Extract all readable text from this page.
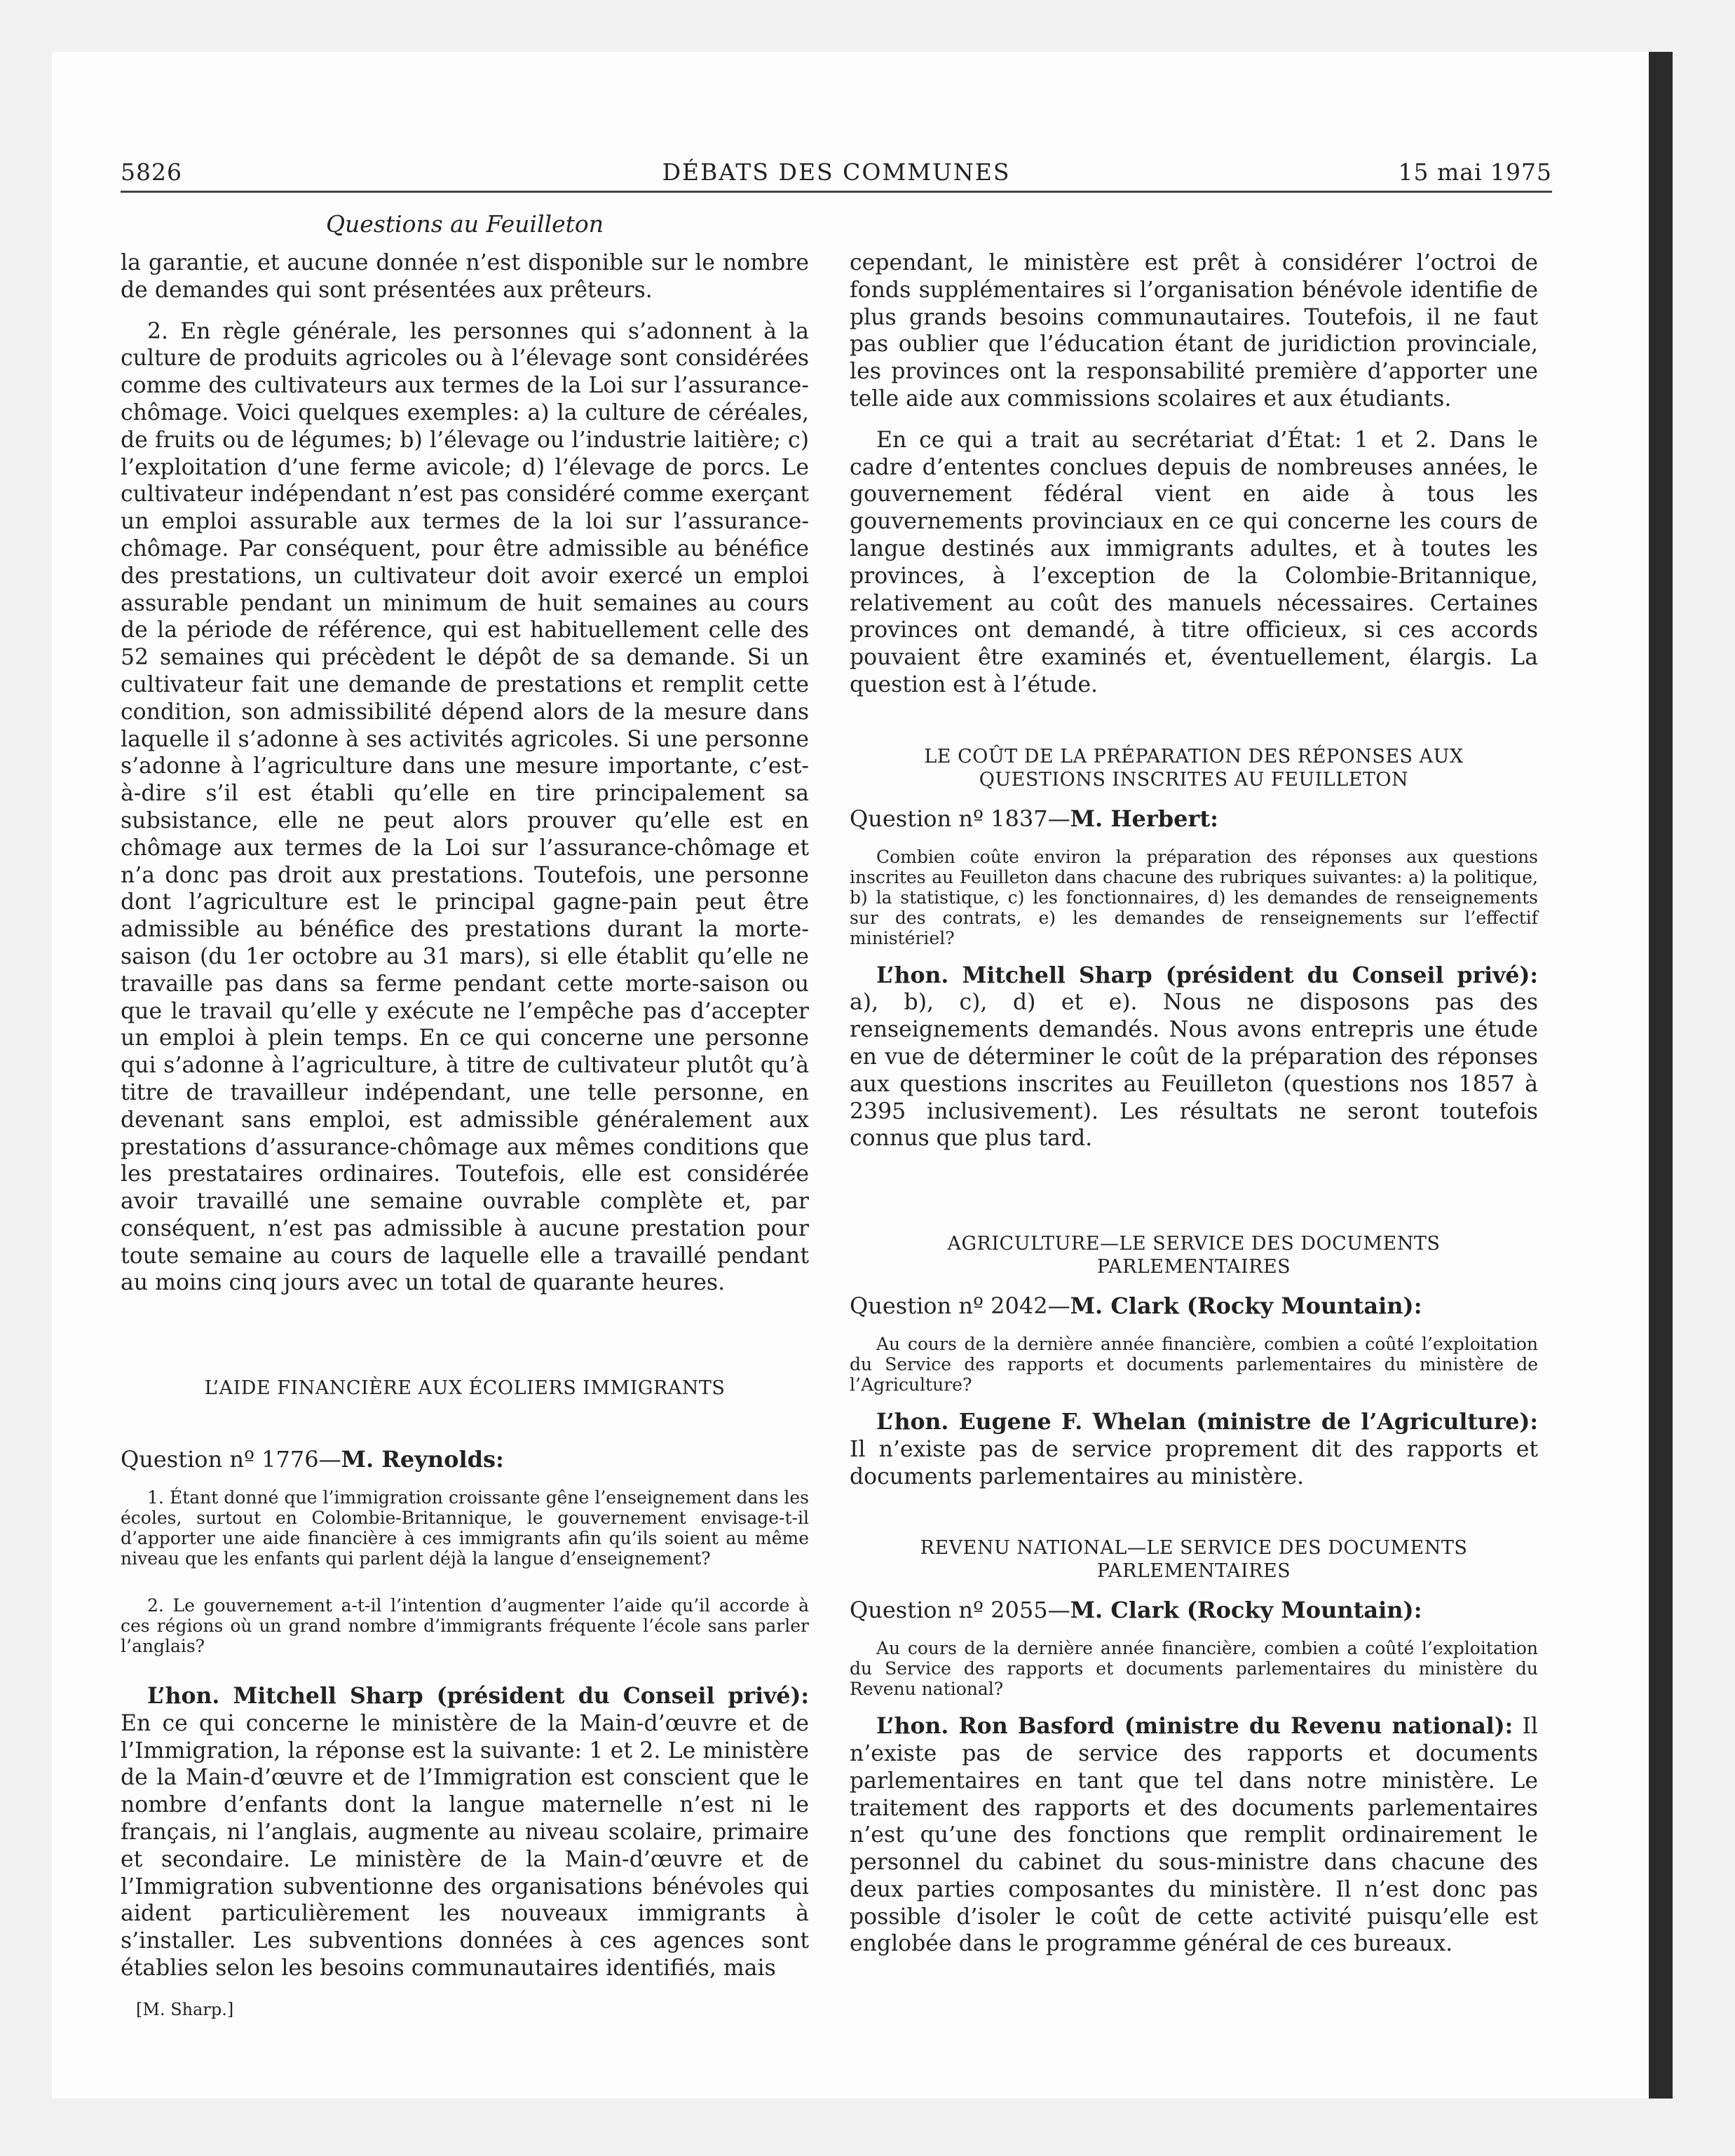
5826	DÉBATS DES COMMUNES	15 mai 1975
Questions au Feuilleton

la garantie, et aucune donnée n’est disponible sur le nombre de demandes qui sont présentées aux prêteurs.

2. En règle générale, les personnes qui s’adonnent à la culture de produits agricoles ou à l’élevage sont considérées comme des cultivateurs aux termes de la Loi sur l’assurance-chômage. Voici quelques exemples: a) la culture de céréales, de fruits ou de légumes; b) l’élevage ou l’industrie laitière; c) l’exploitation d’une ferme avicole; d) l’élevage de porcs. Le cultivateur indépendant n’est pas considéré comme exerçant un emploi assurable aux termes de la loi sur l’assurance-chômage. Par conséquent, pour être admissible au bénéfice des prestations, un cultivateur doit avoir exercé un emploi assurable pendant un minimum de huit semaines au cours de la période de référence, qui est habituellement celle des 52 semaines qui précèdent le dépôt de sa demande. Si un cultivateur fait une demande de prestations et remplit cette condition, son admissibilité dépend alors de la mesure dans laquelle il s’adonne à ses activités agricoles. Si une personne s’adonne à l’agriculture dans une mesure importante, c’est-à-dire s’il est établi qu’elle en tire principalement sa subsistance, elle ne peut alors prouver qu’elle est en chômage aux termes de la Loi sur l’assurance-chômage et n’a donc pas droit aux prestations. Toutefois, une personne dont l’agriculture est le principal gagne-pain peut être admissible au bénéfice des prestations durant la morte-saison (du 1er octobre au 31 mars), si elle établit qu’elle ne travaille pas dans sa ferme pendant cette morte-saison ou que le travail qu’elle y exécute ne l’empêche pas d’accepter un emploi à plein temps. En ce qui concerne une personne qui s’adonne à l’agriculture, à titre de cultivateur plutôt qu’à titre de travailleur indépendant, une telle personne, en devenant sans emploi, est admissible généralement aux prestations d’assurance-chômage aux mêmes conditions que les prestataires ordinaires. Toutefois, elle est considérée avoir travaillé une semaine ouvrable complète et, par conséquent, n’est pas admissible à aucune prestation pour toute semaine au cours de laquelle elle a travaillé pendant au moins cinq jours avec un total de quarante heures.

L’AIDE FINANCIÈRE AUX ÉCOLIERS IMMIGRANTS

Question nº 1776—M. Reynolds:

1. Étant donné que l’immigration croissante gêne l’enseignement dans les écoles, surtout en Colombie-Britannique, le gouvernement envisage-t-il d’apporter une aide financière à ces immigrants afin qu’ils soient au même niveau que les enfants qui parlent déjà la langue d’enseignement?

2. Le gouvernement a-t-il l’intention d’augmenter l’aide qu’il accorde à ces régions où un grand nombre d’immigrants fréquente l’école sans parler l’anglais?

L’hon. Mitchell Sharp (président du Conseil privé): En ce qui concerne le ministère de la Main-d’œuvre et de l’Immigration, la réponse est la suivante: 1 et 2. Le ministère de la Main-d’œuvre et de l’Immigration est conscient que le nombre d’enfants dont la langue maternelle n’est ni le français, ni l’anglais, augmente au niveau scolaire, primaire et secondaire. Le ministère de la Main-d’œuvre et de l’Immigration subventionne des organisations bénévoles qui aident particulièrement les nouveaux immigrants à s’installer. Les subventions données à ces agences sont établies selon les besoins communautaires identifiés, mais

[M. Sharp.]

cependant, le ministère est prêt à considérer l’octroi de fonds supplémentaires si l’organisation bénévole identifie de plus grands besoins communautaires. Toutefois, il ne faut pas oublier que l’éducation étant de juridiction provinciale, les provinces ont la responsabilité première d’apporter une telle aide aux commissions scolaires et aux étudiants.

En ce qui a trait au secrétariat d’État: 1 et 2. Dans le cadre d’ententes conclues depuis de nombreuses années, le gouvernement fédéral vient en aide à tous les gouvernements provinciaux en ce qui concerne les cours de langue destinés aux immigrants adultes, et à toutes les provinces, à l’exception de la Colombie-Britannique, relativement au coût des manuels nécessaires. Certaines provinces ont demandé, à titre officieux, si ces accords pouvaient être examinés et, éventuellement, élargis. La question est à l’étude.

LE COÛT DE LA PRÉPARATION DES RÉPONSES AUX QUESTIONS INSCRITES AU FEUILLETON

Question nº 1837—M. Herbert:

Combien coûte environ la préparation des réponses aux questions inscrites au Feuilleton dans chacune des rubriques suivantes: a) la politique, b) la statistique, c) les fonctionnaires, d) les demandes de renseignements sur des contrats, e) les demandes de renseignements sur l’effectif ministériel?

L’hon. Mitchell Sharp (président du Conseil privé): a), b), c), d) et e). Nous ne disposons pas des renseignements demandés. Nous avons entrepris une étude en vue de déterminer le coût de la préparation des réponses aux questions inscrites au Feuilleton (questions nos 1857 à 2395 inclusivement). Les résultats ne seront toutefois connus que plus tard.

AGRICULTURE—LE SERVICE DES DOCUMENTS PARLEMENTAIRES

Question nº 2042—M. Clark (Rocky Mountain):

Au cours de la dernière année financière, combien a coûté l’exploitation du Service des rapports et documents parlementaires du ministère de l’Agriculture?

L’hon. Eugene F. Whelan (ministre de l’Agriculture): Il n’existe pas de service proprement dit des rapports et documents parlementaires au ministère.

REVENU NATIONAL—LE SERVICE DES DOCUMENTS PARLEMENTAIRES

Question nº 2055—M. Clark (Rocky Mountain):

Au cours de la dernière année financière, combien a coûté l’exploitation du Service des rapports et documents parlementaires du ministère du Revenu national?

L’hon. Ron Basford (ministre du Revenu national): Il n’existe pas de service des rapports et documents parlementaires en tant que tel dans notre ministère. Le traitement des rapports et des documents parlementaires n’est qu’une des fonctions que remplit ordinairement le personnel du cabinet du sous-ministre dans chacune des deux parties composantes du ministère. Il n’est donc pas possible d’isoler le coût de cette activité puisqu’elle est englobée dans le programme général de ces bureaux.
